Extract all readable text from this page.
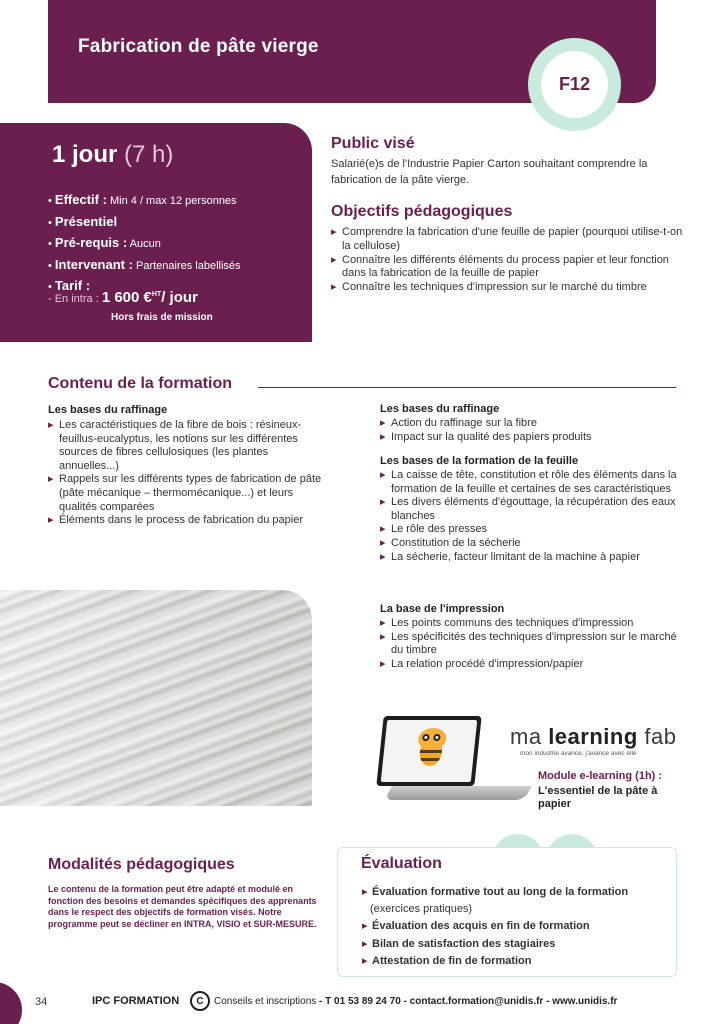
Fabrication de pâte vierge
F12
1 jour (7 h)
• Effectif : Min 4 / max 12 personnes
• Présentiel
• Pré-requis : Aucun
• Intervenant : Partenaires labellisés
• Tarif :
- En intra : 1 600 €$^{HT}$/ jour
Hors frais de mission
Public visé
Salarié(e)s de l'Industrie Papier Carton souhaitant comprendre la fabrication de la pâte vierge.
Objectifs pédagogiques
▸ Comprendre la fabrication d'une feuille de papier (pourquoi utilise-t-on la cellulose)
▸ Connaître les différents éléments du process papier et leur fonction dans la fabrication de la feuille de papier
▸ Connaître les techniques d'impression sur le marché du timbre
Contenu de la formation
Les bases du raffinage
▸ Les caractéristiques de la fibre de bois : résineux-feuillus-eucalyptus, les notions sur les différentes sources de fibres cellulosiques (les plantes annuelles...)
▸ Rappels sur les différents types de fabrication de pâte (pâte mécanique – thermomécanique...) et leurs qualités comparées
▸ Éléments dans le process de fabrication du papier
Les bases du raffinage
▸ Action du raffinage sur la fibre
▸ Impact sur la qualité des papiers produits
Les bases de la formation de la feuille
▸ La caisse de tête, constitution et rôle des éléments dans la formation de la feuille et certaines de ses caractéristiques
▸ Les divers éléments d'égouttage, la récupération des eaux blanches
▸ Le rôle des presses
▸ Constitution de la sécherie
▸ La sécherie, facteur limitant de la machine à papier
La base de l'impression
▸ Les points communs des techniques d'impression
▸ Les spécificités des techniques d'impression sur le marché du timbre
▸ La relation procédé d'impression/papier
ma learning fab
mon industrie avance, j'avance avec elle
Module e-learning (1h) :
L'essentiel de la pâte à papier
Modalités pédagogiques
Le contenu de la formation peut être adapté et modulé en fonction des besoins et demandes spécifiques des apprenants dans le respect des objectifs de formation visés. Notre programme peut se décliner en INTRA, VISIO et SUR-MESURE.
Évaluation
▸ Évaluation formative tout au long de la formation
(exercices pratiques)
▸ Évaluation des acquis en fin de formation
▸ Bilan de satisfaction des stagiaires
▸ Attestation de fin de formation
34	IPC FORMATION	C	Conseils et inscriptions - T 01 53 89 24 70 - contact.formation@unidis.fr - www.unidis.fr
